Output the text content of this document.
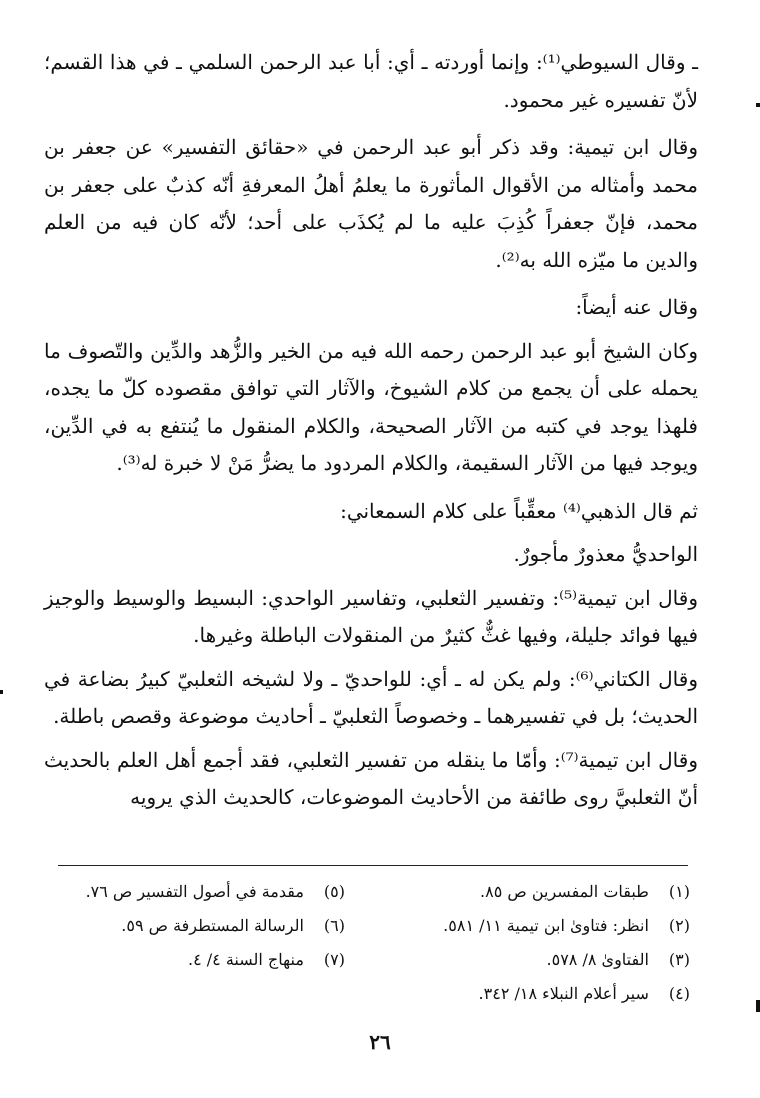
ـ وقال السيوطي⁽¹⁾: وإنما أوردته ـ أي: أبا عبد الرحمن السلمي ـ في هذا القسم؛ لأنّ تفسيره غير محمود.

وقال ابن تيمية: وقد ذكر أبو عبد الرحمن في «حقائق التفسير» عن جعفر بن محمد وأمثاله من الأقوال المأثورة ما يعلمُ أهلُ المعرفةِ أنّه كذبٌ على جعفر بن محمد، فإنّ جعفراً كُذِبَ عليه ما لم يُكذَب على أحد؛ لأنّه كان فيه من العلم والدين ما ميّزه الله به⁽²⁾.

وقال عنه أيضاً:

وكان الشيخ أبو عبد الرحمن رحمه الله فيه من الخير والزُّهد والدِّين والتّصوف ما يحمله على أن يجمع من كلام الشيوخ، والآثار التي توافق مقصوده كلّ ما يجده، فلهذا يوجد في كتبه من الآثار الصحيحة، والكلام المنقول ما يُنتفع به في الدِّين، ويوجد فيها من الآثار السقيمة، والكلام المردود ما يضرُّ مَنْ لا خبرة له⁽³⁾.

ثم قال الذهبي⁽⁴⁾ معقِّباً على كلام السمعاني:

الواحديُّ معذورٌ مأجورٌ.

وقال ابن تيمية⁽⁵⁾: وتفسير الثعلبي، وتفاسير الواحدي: البسيط والوسيط والوجيز فيها فوائد جليلة، وفيها غثٌّ كثيرٌ من المنقولات الباطلة وغيرها.

وقال الكتاني⁽⁶⁾: ولم يكن له ـ أي: للواحديّ ـ ولا لشيخه الثعلبيّ كبيرُ بضاعة في الحديث؛ بل في تفسيرهما ـ وخصوصاً الثعلبيّ ـ أحاديث موضوعة وقصص باطلة.

وقال ابن تيمية⁽⁷⁾: وأمّا ما ينقله من تفسير الثعلبي، فقد أجمع أهل العلم بالحديث أنّ الثعلبيَّ روى طائفة من الأحاديث الموضوعات، كالحديث الذي يرويه

(١) طبقات المفسرين ص ٨٥.
(٢) انظر: فتاوىٰ ابن تيمية ١١/ ٥٨١.
(٣) الفتاوىٰ ٨/ ٥٧٨.
(٤) سير أعلام النبلاء ١٨/ ٣٤٢.
(٥) مقدمة في أصول التفسير ص ٧٦.
(٦) الرسالة المستطرفة ص ٥٩.
(٧) منهاج السنة ٤/ ٤.
٢٦
